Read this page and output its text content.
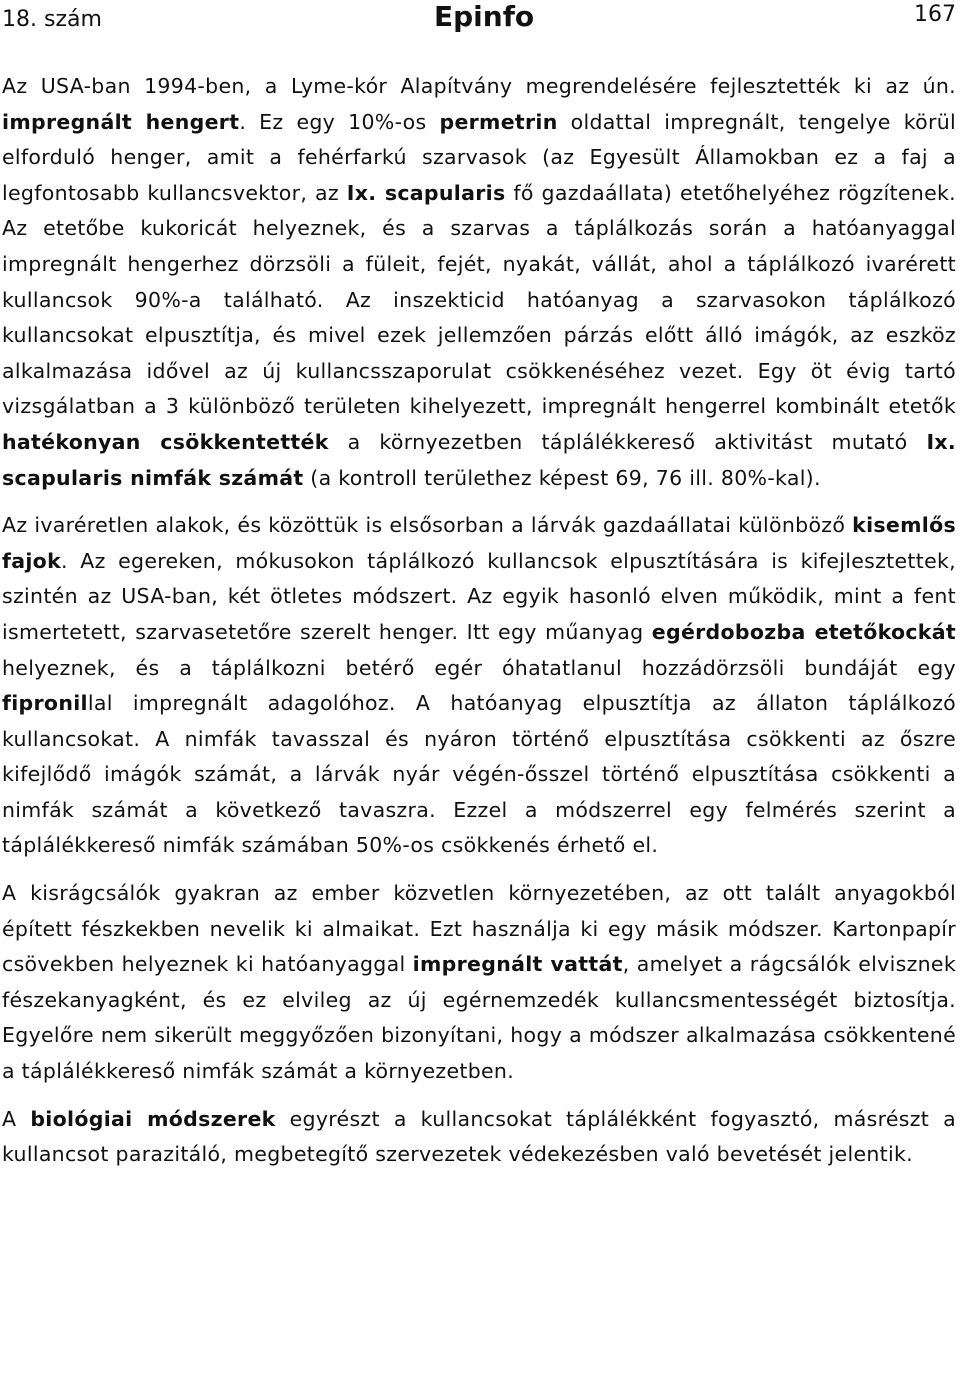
18. szám	Epinfo	167

Az USA-ban 1994-ben, a Lyme-kór Alapítvány megrendelésére fejlesztették ki az ún. impregnált hengert. Ez egy 10%-os permetrin oldattal impregnált, tengelye körül elforduló henger, amit a fehérfarkú szarvasok (az Egyesült Államokban ez a faj a legfontosabb kullancsvektor, az Ix. scapularis fő gazdaállata) etetőhelyéhez rögzítenek. Az etetőbe kukoricát helyeznek, és a szarvas a táplálkozás során a hatóanyaggal impregnált hengerhez dörzsöli a füleit, fejét, nyakát, vállát, ahol a táplálkozó ivarérett kullancsok 90%-a található. Az inszekticid hatóanyag a szarvasokon táplálkozó kullancsokat elpusztítja, és mivel ezek jellemzően párzás előtt álló imágók, az eszköz alkalmazása idővel az új kullancsszaporulat csökkenéséhez vezet. Egy öt évig tartó vizsgálatban a 3 különböző területen kihelyezett, impregnált hengerrel kombinált etetők hatékonyan csökkentették a környezetben táplálékkereső aktivitást mutató Ix. scapularis nimfák számát (a kontroll területhez képest 69, 76 ill. 80%-kal).

Az ivaréretlen alakok, és közöttük is elsősorban a lárvák gazdaállatai különböző kisemlős fajok. Az egereken, mókusokon táplálkozó kullancsok elpusztítására is kifejlesztettek, szintén az USA-ban, két ötletes módszert. Az egyik hasonló elven működik, mint a fent ismertetett, szarvasetetőre szerelt henger. Itt egy műanyag egérdobozba etetőkockát helyeznek, és a táplálkozni betérő egér óhatatlanul hozzádörzsöli bundáját egy fipronillal impregnált adagolóhoz. A hatóanyag elpusztítja az állaton táplálkozó kullancsokat. A nimfák tavasszal és nyáron történő elpusztítása csökkenti az őszre kifejlődő imágók számát, a lárvák nyár végén-ősszel történő elpusztítása csökkenti a nimfák számát a következő tavaszra. Ezzel a módszerrel egy felmérés szerint a táplálékkereső nimfák számában 50%-os csökkenés érhető el.

A kisrágcsálók gyakran az ember közvetlen környezetében, az ott talált anyagokból épített fészkekben nevelik ki almaikat. Ezt használja ki egy másik módszer. Kartonpapír csövekben helyeznek ki hatóanyaggal impregnált vattát, amelyet a rágcsálók elvisznek fészekanyagként, és ez elvileg az új egérnemzedék kullancsmentességét biztosítja. Egyelőre nem sikerült meggyőzően bizonyítani, hogy a módszer alkalmazása csökkentené a táplálékkereső nimfák számát a környezetben.

A biológiai módszerek egyrészt a kullancsokat táplálékként fogyasztó, másrészt a kullancsot parazitáló, megbetegítő szervezetek védekezésben való bevetését jelentik.
